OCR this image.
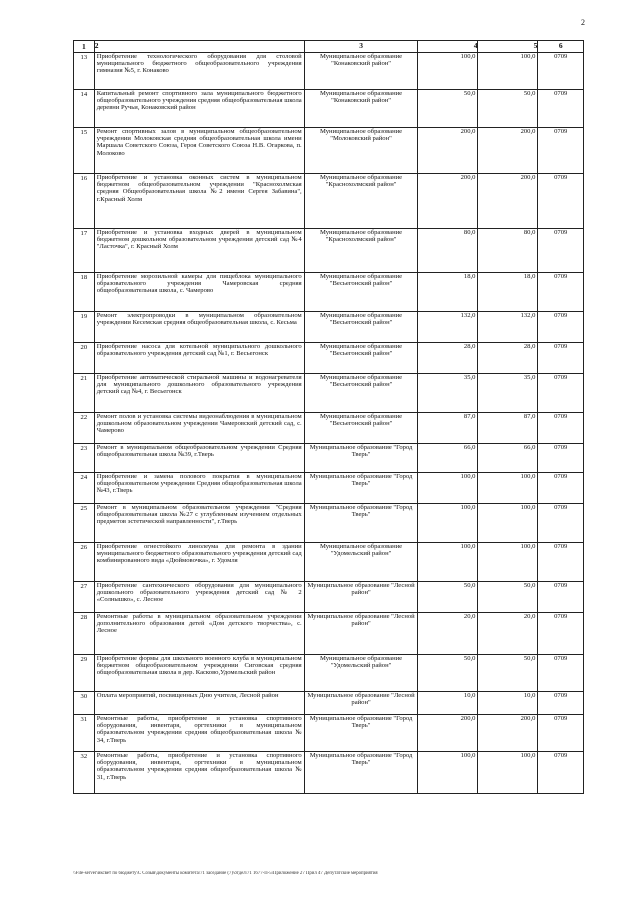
2
1	2	3	4	5	6
13	Приобретение технологического оборудования для столовой муниципального бюджетного общеобразовательного учреждения гимназия №5, г. Конаково	Муниципальное образование "Конаковский район"	100,0	100,0	0709
14	Капитальный ремонт спортивного зала муниципального бюджетного общеобразовательного учреждения средняя общеобразовательная школа деревни Ручьи, Конаковский район	Муниципальное образование "Конаковский район"	50,0	50,0	0709
15	Ремонт спортивных залов в муниципальном общеобразовательном учреждении Молоковская средняя общеобразовательная школа имени Маршала Советского Союза, Героя Советского Союза Н.В. Огаркова, п. Молоково	Муниципальное образование "Молоковский район"	200,0	200,0	0709
16	Приобретение и установка оконных систем в муниципальном бюджетном общеобразовательном учреждении "Краснохолмская средняя Общеобразовательная школа №2 имени Сергея Забавина", г.Красный Холм	Муниципальное образование "Краснохолмский район"	200,0	200,0	0709
17	Приобретение и установка входных дверей в муниципальном бюджетном дошкольном образовательном учреждении детский сад №4 "Ласточка", г. Красный Холм	Муниципальное образование "Краснохолмский район"	80,0	80,0	0709
18	Приобретение морозильной камеры для пищеблока муниципального образовательного учреждения Чамеровская средняя общеобразовательная школа, с. Чамерово	Муниципальное образование "Весьегонский район"	18,0	18,0	0709
19	Ремонт электропроводки в муниципальном образовательном учреждении Кесемская средняя общеобразовательная школа, с. Кесьма	Муниципальное образование "Весьегонский район"	132,0	132,0	0709
20	Приобретение насоса для котельной муниципального дошкольного образовательного учреждения детский сад №1, г. Весьегонск	Муниципальное образование "Весьегонский район"	28,0	28,0	0709
21	Приобретение автоматической стиральной машины и водонагревателя для муниципального дошкольного образовательного учреждения детский сад №4, г. Весьегонск	Муниципальное образование "Весьегонский район"	35,0	35,0	0709
22	Ремонт полов и установка системы видеонаблюдения в муниципальном дошкольном образовательном учреждении Чамеровский детский сад, с. Чамерово	Муниципальное образование "Весьегонский район"	87,0	87,0	0709
23	Ремонт в муниципальном общеобразовательном учреждении Средняя общеобразовательная школа №39, г.Тверь	Муниципальное образование "Город Тверь"	66,0	66,0	0709
24	Приобретение и замена полового покрытия в муниципальном общеобразовательном учреждении Средняя общеобразовательная школа №43, г.Тверь	Муниципальное образование "Город Тверь"	100,0	100,0	0709
25	Ремонт в муниципальном образовательном учреждении "Средняя общеобразовательная школа №27 с углубленным изучением отдельных предметов эстетической направленности", г.Тверь	Муниципальное образование "Город Тверь"	100,0	100,0	0709
26	Приобретение огнестойкого линолеума для ремонта в здании муниципального бюджетного образовательного учреждения детский сад комбинированного вида «Дюймовочка», г. Удомля	Муниципальное образование "Удомельский район"	100,0	100,0	0709
27	Приобретение сантехнического оборудования для муниципального дошкольного образовательного учреждения детский сад № 2 «Солнышко», с. Лесное	Муниципальное образование "Лесной район"	50,0	50,0	0709
28	Ремонтные работы в муниципальном образовательном учреждении дополнительного образования детей «Дом детского творчества», с. Лесное	Муниципальное образование "Лесной район"	20,0	20,0	0709
29	Приобретение формы для школьного военного клуба в муниципальном бюджетном общеобразовательном учреждении Сиговская средняя общеобразовательная школа в дер. Касково,Удомельский район	Муниципальное образование "Удомельский район"	50,0	50,0	0709
30	Оплата мероприятий, посвященных Дню учителя, Лесной район	Муниципальное образование "Лесной район"	10,0	10,0	0709
31	Ремонтные работы, приобретение и установка спортивного оборудования, инвентаря, оргтехники в муниципальном образовательном учреждении средняя общеобразовательная школа № 34, г.Тверь	Муниципальное образование "Город Тверь"	200,0	200,0	0709
32	Ремонтные работы, приобретение и установка спортивного оборудования, инвентаря, оргтехники в муниципальном образовательном учреждении средняя общеобразовательная школа № 31, г.Тверь	Муниципальное образование "Город Тверь"	100,0	100,0	0709
\\File-server\иксвет по бюджету\С Созыв\документы комитета\71 заседание (7)\отдел\71 1677-П-5\Приложение 27 Прил 47 Депутатские мероприятия
